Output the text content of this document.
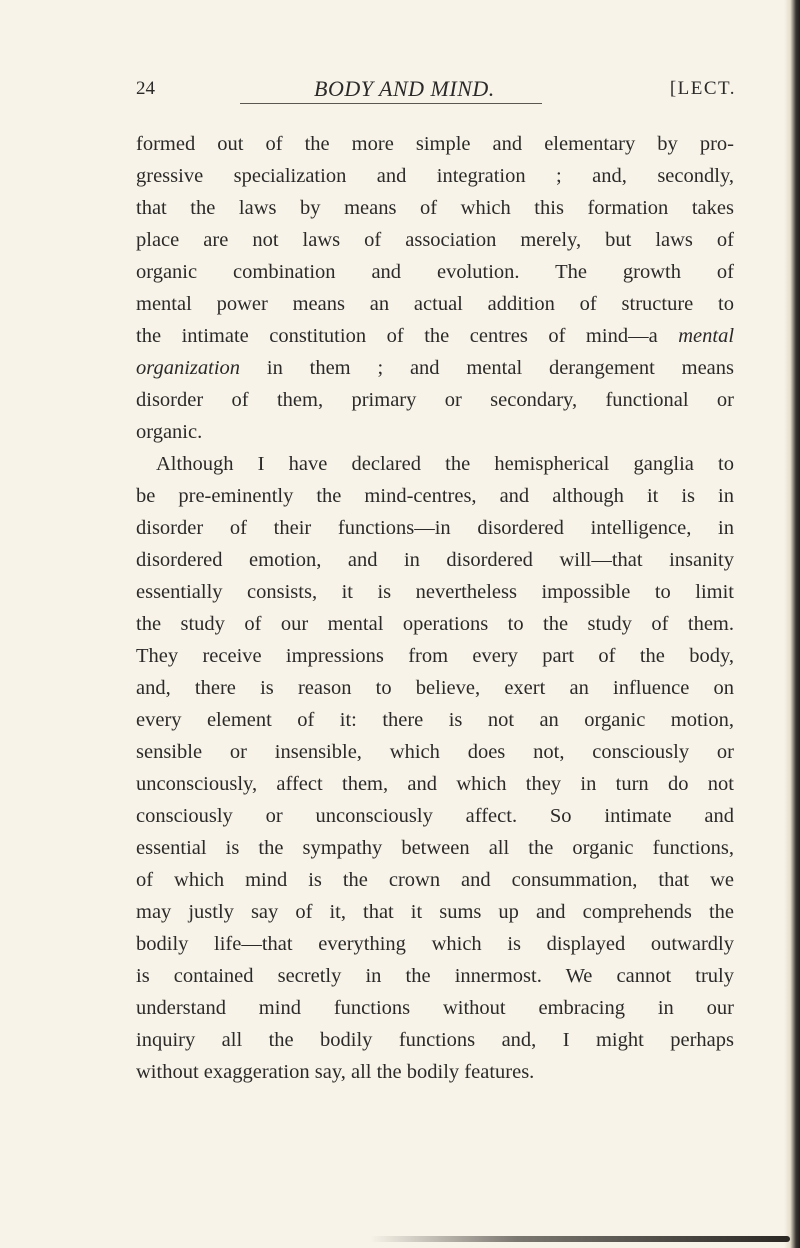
24	BODY AND MIND.	[LECT.
formed out of the more simple and elementary by pro-
gressive specialization and integration ; and, secondly,
that the laws by means of which this formation takes
place are not laws of association merely, but laws of
organic combination and evolution. The growth of
mental power means an actual addition of structure to
the intimate constitution of the centres of mind—a mental
organization in them ; and mental derangement means
disorder of them, primary or secondary, functional or
organic.
Although I have declared the hemispherical ganglia to
be pre-eminently the mind-centres, and although it is in
disorder of their functions—in disordered intelligence, in
disordered emotion, and in disordered will—that insanity
essentially consists, it is nevertheless impossible to limit
the study of our mental operations to the study of them.
They receive impressions from every part of the body,
and, there is reason to believe, exert an influence on
every element of it: there is not an organic motion,
sensible or insensible, which does not, consciously or
unconsciously, affect them, and which they in turn do not
consciously or unconsciously affect. So intimate and
essential is the sympathy between all the organic functions,
of which mind is the crown and consummation, that we
may justly say of it, that it sums up and comprehends the
bodily life—that everything which is displayed outwardly
is contained secretly in the innermost. We cannot truly
understand mind functions without embracing in our
inquiry all the bodily functions and, I might perhaps
without exaggeration say, all the bodily features.
